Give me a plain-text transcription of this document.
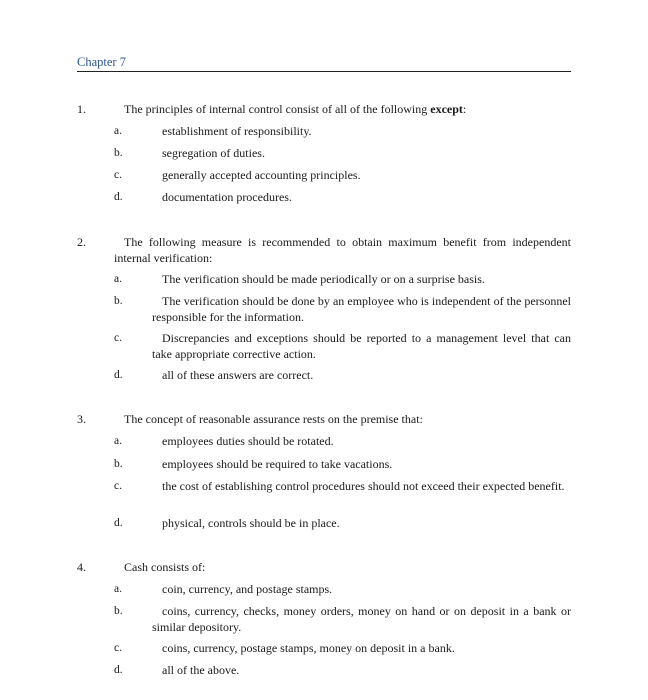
Chapter 7
1.	The principles of internal control consist of all of the following except:
a.	establishment of responsibility.
b.	segregation of duties.
c.	generally accepted accounting principles.
d.	documentation procedures.
2.	The following measure is recommended to obtain maximum benefit from independent internal verification:
a.	The verification should be made periodically or on a surprise basis.
b.	The verification should be done by an employee who is independent of the personnel responsible for the information.
c.	Discrepancies and exceptions should be reported to a management level that can take appropriate corrective action.
d.	all of these answers are correct.
3.	The concept of reasonable assurance rests on the premise that:
a.	employees duties should be rotated.
b.	employees should be required to take vacations.
c.	the cost of establishing control procedures should not exceed their expected benefit.
d.	physical, controls should be in place.
4.	Cash consists of:
a.	coin, currency, and postage stamps.
b.	coins, currency, checks, money orders, money on hand or on deposit in a bank or similar depository.
c.	coins, currency, postage stamps, money on deposit in a bank.
d.	all of the above.
